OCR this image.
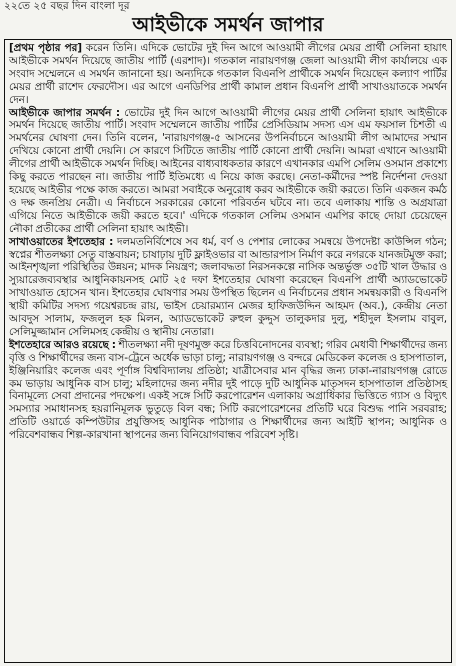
২২তে ২৫ বছর দিন বাংলা দূর
আইভীকে সমর্থন জাপার

[প্রথম পৃষ্ঠার পর] করেন তিনি। এদিকে ভোটের দুই দিন আগে আওয়ামী লীগের মেয়র প্রার্থী সেলিনা হায়াৎ আইভীকে সমর্থন দিয়েছে জাতীয় পার্টি (এরশাদ)। গতকাল নারায়ণগঞ্জ জেলা আওয়ামী লীগ কার্যালয়ে এক সংবাদ সম্মেলনে এ সমর্থন জানানো হয়। অন্যদিকে গতকাল বিএনপি প্রার্থীকে সমর্থন দিয়েছেন কল্যাণ পার্টির মেয়র প্রার্থী রাশেদ ফেরদৌস। এর আগে এনডিপির প্রার্থী কামাল প্রধান বিএনপি প্রার্থী সাখাওয়াতকে সমর্থন দেন।

আইভীকে জাপার সমর্থন : ভোটের দুই দিন আগে আওয়ামী লীগের মেয়র প্রার্থী সেলিনা হায়াৎ আইভীকে সমর্থন দিয়েছে জাতীয় পার্টি। সংবাদ সম্মেলনে জাতীয় পার্টির প্রেসিডিয়াম সদস্য এস এম ফয়সাল চিশতী এ সমর্থনের ঘোষণা দেন। তিনি বলেন, 'নারায়ণগঞ্জ-৫ আসনের উপনির্বাচনে আওয়ামী লীগ আমাদের সম্মান দেখিয়ে কোনো প্রার্থী দেয়নি। সে কারণে সিটিতে জাতীয় পার্টি কোনো প্রার্থী দেয়নি। আমরা এখানে আওয়ামী লীগের প্রার্থী আইভীকে সমর্থন দিচ্ছি। আইনের বাধ্যবাধকতার কারণে এখানকার এমপি সেলিম ওসমান প্রকাশ্যে কিছু করতে পারছেন না। জাতীয় পার্টি ইতিমধ্যে এ নিয়ে কাজ করছে। নেতা-কর্মীদের স্পষ্ট নির্দেশনা দেওয়া হয়েছে আইভীর পক্ষে কাজ করতে। আমরা সবাইকে অনুরোধ করব আইভীকে জয়ী করতে। তিনি একজন কর্মঠ ও দক্ষ জনপ্রিয় নেত্রী। এ নির্বাচনে সরকারের কোনো পরিবর্তন ঘটবে না। তবে এলাকায় শান্তি ও অগ্রযাত্রা এগিয়ে নিতে আইভীকে জয়ী করতে হবে।' এদিকে গতকাল সেলিম ওসমান এমপির কাছে দোয়া চেয়েছেন নৌকা প্রতীকের প্রার্থী সেলিনা হায়াৎ আইভী।

সাখাওয়াতের ইশতেহার : দলমতনির্বিশেষে সব ধর্ম, বর্ণ ও পেশার লোকের সমন্বয়ে উপদেষ্টা কাউন্সিল গঠন; স্বপ্নের শীতলক্ষ্যা সেতু বাস্তবায়ন; চাষাঢ়ায় দুটি ফ্লাইওভার বা আন্ডারপাস নির্মাণ করে নগরকে যানজটমুক্ত করা; আইনশৃঙ্খলা পরিস্থিতির উন্নয়ন; মাদক নিয়ন্ত্রণ; জলাবদ্ধতা নিরসনকল্পে নাসিক অন্তর্ভুক্ত ৩৫টি খাল উদ্ধার ও স্যুয়ারেজব্যবস্থার আধুনিকায়নসহ মোট ২৫ দফা ইশতেহার ঘোষণা করেছেন বিএনপি প্রার্থী অ্যাডভোকেট সাখাওয়াত হোসেন খান। ইশতেহার ঘোষণার সময় উপস্থিত ছিলেন এ নির্বাচনের প্রধান সমন্বয়কারী ও বিএনপি স্থায়ী কমিটির সদস্য গয়েশ্বরচন্দ্র রায়, ভাইস চেয়ারম্যান মেজর হাফিজউদ্দিন আহমদ (অব.), কেন্দ্রীয় নেতা আবদুস সালাম, ফজলুল হক মিলন, অ্যাডভোকেট রুহুল কুদ্দুস তালুকদার দুলু, শহীদুল ইসলাম বাবুল, সেলিমুজ্জামান সেলিমসহ কেন্দ্রীয় ও স্থানীয় নেতারা।

ইশতেহারে আরও রয়েছে : শীতলক্ষ্যা নদী দূষণমুক্ত করে চিত্তবিনোদনের ব্যবস্থা; গরিব মেধাবী শিক্ষার্থীদের জন্য বৃত্তি ও শিক্ষার্থীদের জন্য বাস-ট্রেনে অর্ধেক ভাড়া চালু; নারায়ণগঞ্জ ও বন্দরে মেডিকেল কলেজ ও হাসপাতাল, ইঞ্জিনিয়ারিং কলেজ এবং পূর্ণাঙ্গ বিশ্ববিদ্যালয় প্রতিষ্ঠা; যাত্রীসেবার মান বৃদ্ধির জন্য ঢাকা-নারায়ণগঞ্জ রোডে কম ভাড়ায় আধুনিক বাস চালু; মহিলাদের জন্য নদীর দুই পাড়ে দুটি আধুনিক মাতৃসদন হাসপাতাল প্রতিষ্ঠাসহ বিনামূল্যে সেবা প্রদানের পদক্ষেপ। একই সঙ্গে সিটি করপোরেশন এলাকায় অগ্রাধিকার ভিত্তিতে গ্যাস ও বিদ্যুৎ সমস্যার সমাধানসহ হয়রানিমূলক ভুতুড়ে বিল বন্ধ; সিটি করপোরেশনের প্রতিটি ঘরে বিশুদ্ধ পানি সরবরাহ; প্রতিটি ওয়ার্ডে কম্পিউটার প্রযুক্তিসহ আধুনিক পাঠাগার ও শিক্ষার্থীদের জন্য আইটি স্থাপন; আধুনিক ও পরিবেশবান্ধব শিল্প-কারখানা স্থাপনের জন্য বিনিয়োগবান্ধব পরিবেশ সৃষ্টি।
